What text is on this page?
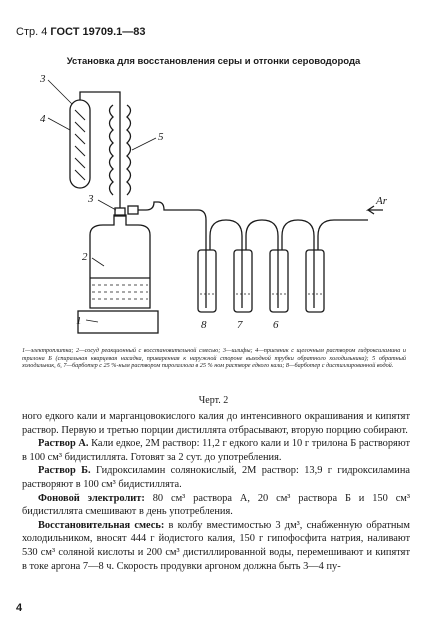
Стр. 4 ГОСТ 19709.1—83
Установка для восстановления серы и отгонки сероводорода
3
4
5
3
2
1	8	7	6
Ar
1—электроплитка; 2—сосуд реакционный с восстановительной смесью; 3—шлифы; 4—приемник с щелочным раствором гидроксиламина и трилона Б (спиральная кварцевая насадка, приваренная к наружной стороне выходной трубки обратного холодильника); 5 обратный холодильник, 6, 7—барботер с 25 %-ным раствором пирогаллола в 25 % ном растворе едкого кали; 8—барботер с дистиллированной водой.
Черт. 2

ного едкого кали и марганцовокислого калия до интенсивного окрашивания и кипятят раствор. Первую и третью порции дистиллята отбрасывают, вторую порцию собирают.

Раствор А. Кали едкое, 2М раствор: 11,2 г едкого кали и 10 г трилона Б растворяют в 100 см³ бидистиллята. Готовят за 2 сут. до употребления.

Раствор Б. Гидроксиламин солянокислый, 2М раствор: 13,9 г гидроксиламина растворяют в 100 см³ бидистиллята.

Фоновой электролит: 80 см³ раствора А, 20 см³ раствора Б и 150 см³ бидистиллята смешивают в день употребления.

Восстановительная смесь: в колбу вместимостью 3 дм³, снабженную обратным холодильником, вносят 444 г йодистого калия, 150 г гипофосфита натрия, наливают 530 см³ соляной кислоты и 200 см³ дистиллированной воды, перемешивают и кипятят в токе аргона 7—8 ч. Скорость продувки аргоном должна быть 3—4 пу-

4
